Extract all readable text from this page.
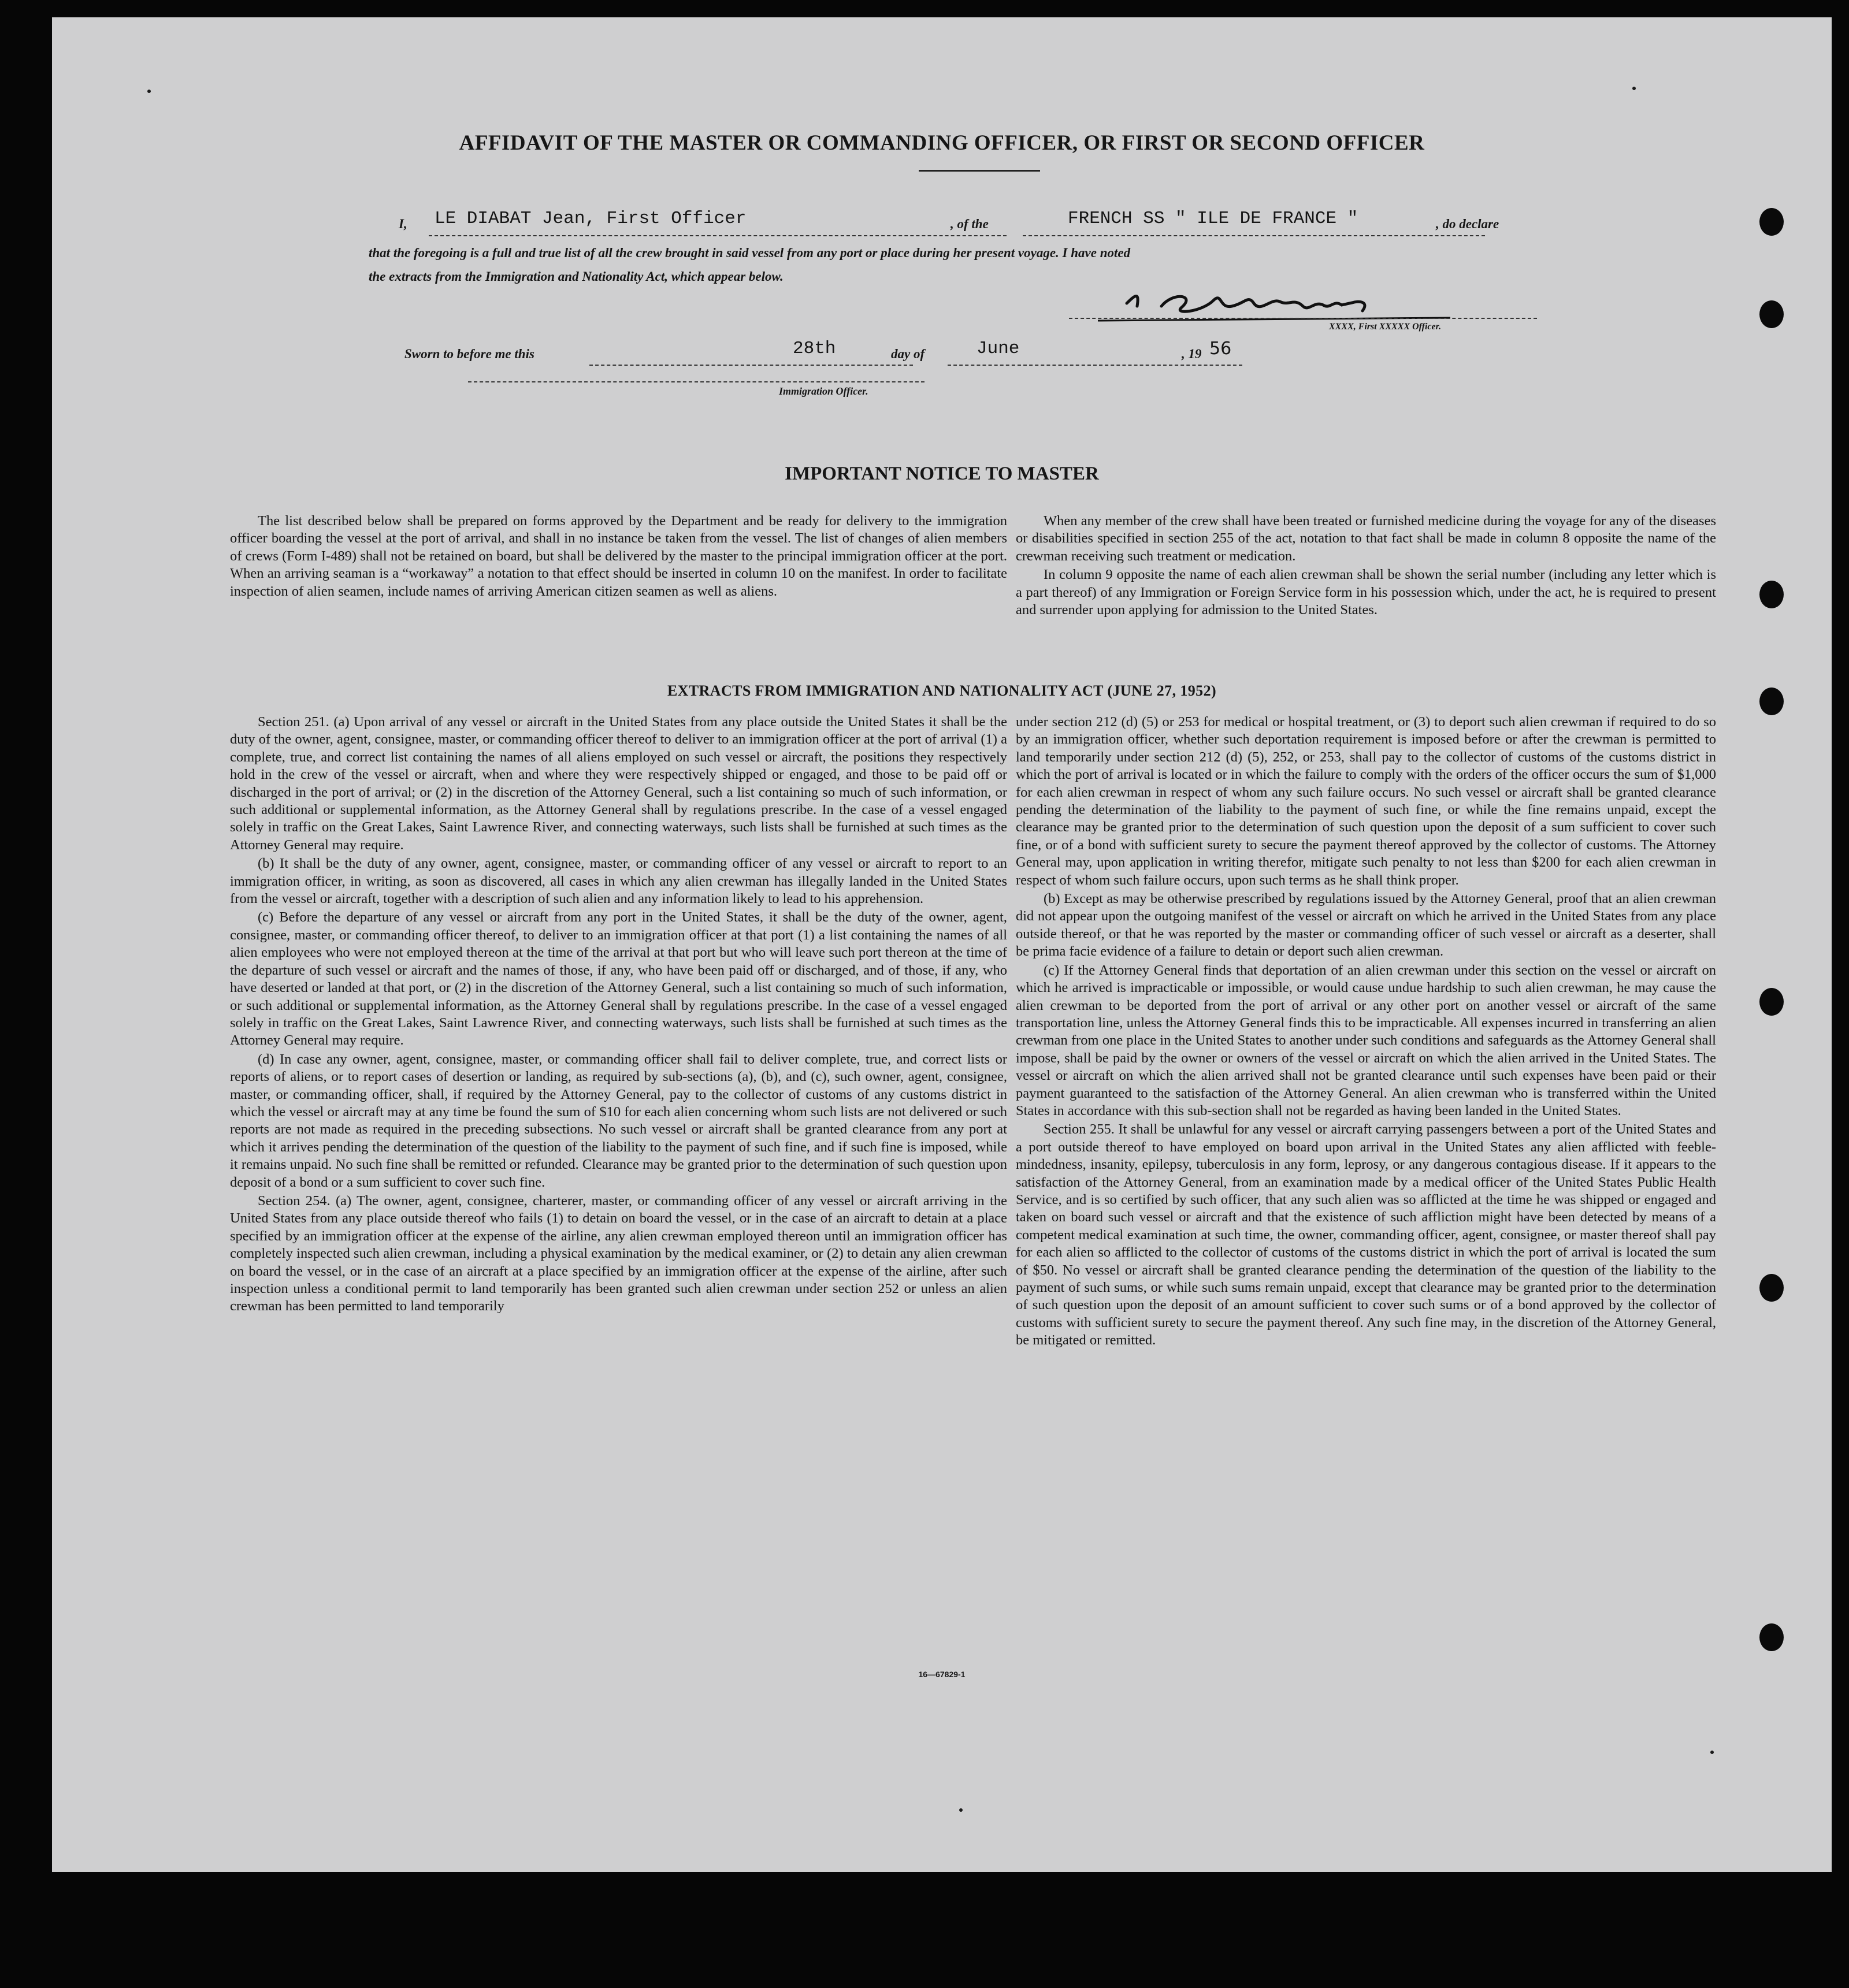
AFFIDAVIT OF THE MASTER OR COMMANDING OFFICER, OR FIRST OR SECOND OFFICER
I, LE DIABAT Jean, First Officer	, of the	FRENCH SS " ILE DE FRANCE "	, do declare
that the foregoing is a full and true list of all the crew brought in said vessel from any port or place during her present voyage. I have noted
the extracts from the Immigration and Nationality Act, which appear below.
XXXX, First XXXXX Officer.
Sworn to before me this	28th	day of	June	, 19 56
Immigration Officer.
IMPORTANT NOTICE TO MASTER

The list described below shall be prepared on forms approved by the Department and be ready for delivery to the immigration officer boarding the vessel at the port of arrival, and shall in no instance be taken from the vessel. The list of changes of alien members of crews (Form I-489) shall not be retained on board, but shall be delivered by the master to the principal immigration officer at the port. When an arriving seaman is a “workaway” a notation to that effect should be inserted in column 10 on the manifest. In order to facilitate inspection of alien seamen, include names of arriving American citizen seamen as well as aliens.

When any member of the crew shall have been treated or furnished medicine during the voyage for any of the diseases or disabilities specified in section 255 of the act, notation to that fact shall be made in column 8 opposite the name of the crewman receiving such treatment or medication.

In column 9 opposite the name of each alien crewman shall be shown the serial number (including any letter which is a part thereof) of any Immigration or Foreign Service form in his possession which, under the act, he is required to present and surrender upon applying for admission to the United States.

EXTRACTS FROM IMMIGRATION AND NATIONALITY ACT (JUNE 27, 1952)

Section 251. (a) Upon arrival of any vessel or aircraft in the United States from any place outside the United States it shall be the duty of the owner, agent, consignee, master, or commanding officer thereof to deliver to an immigration officer at the port of arrival (1) a complete, true, and correct list containing the names of all aliens employed on such vessel or aircraft, the positions they respectively hold in the crew of the vessel or aircraft, when and where they were respectively shipped or engaged, and those to be paid off or discharged in the port of arrival; or (2) in the discretion of the Attorney General, such a list containing so much of such information, or such additional or supplemental information, as the Attorney General shall by regulations prescribe. In the case of a vessel engaged solely in traffic on the Great Lakes, Saint Lawrence River, and connecting waterways, such lists shall be furnished at such times as the Attorney General may require.

(b) It shall be the duty of any owner, agent, consignee, master, or commanding officer of any vessel or aircraft to report to an immigration officer, in writing, as soon as discovered, all cases in which any alien crewman has illegally landed in the United States from the vessel or aircraft, together with a description of such alien and any information likely to lead to his apprehension.

(c) Before the departure of any vessel or aircraft from any port in the United States, it shall be the duty of the owner, agent, consignee, master, or commanding officer thereof, to deliver to an immigration officer at that port (1) a list containing the names of all alien employees who were not employed thereon at the time of the arrival at that port but who will leave such port thereon at the time of the departure of such vessel or aircraft and the names of those, if any, who have been paid off or discharged, and of those, if any, who have deserted or landed at that port, or (2) in the discretion of the Attorney General, such a list containing so much of such information, or such additional or supplemental information, as the Attorney General shall by regulations prescribe. In the case of a vessel engaged solely in traffic on the Great Lakes, Saint Lawrence River, and connecting waterways, such lists shall be furnished at such times as the Attorney General may require.

(d) In case any owner, agent, consignee, master, or commanding officer shall fail to deliver complete, true, and correct lists or reports of aliens, or to report cases of desertion or landing, as required by sub-sections (a), (b), and (c), such owner, agent, consignee, master, or commanding officer, shall, if required by the Attorney General, pay to the collector of customs of any customs district in which the vessel or aircraft may at any time be found the sum of $10 for each alien concerning whom such lists are not delivered or such reports are not made as required in the preceding subsections. No such vessel or aircraft shall be granted clearance from any port at which it arrives pending the determination of the question of the liability to the payment of such fine, and if such fine is imposed, while it remains unpaid. No such fine shall be remitted or refunded. Clearance may be granted prior to the determination of such question upon deposit of a bond or a sum sufficient to cover such fine.

Section 254. (a) The owner, agent, consignee, charterer, master, or commanding officer of any vessel or aircraft arriving in the United States from any place outside thereof who fails (1) to detain on board the vessel, or in the case of an aircraft to detain at a place specified by an immigration officer at the expense of the airline, any alien crewman employed thereon until an immigration officer has completely inspected such alien crewman, including a physical examination by the medical examiner, or (2) to detain any alien crewman on board the vessel, or in the case of an aircraft at a place specified by an immigration officer at the expense of the airline, after such inspection unless a conditional permit to land temporarily has been granted such alien crewman under section 252 or unless an alien crewman has been permitted to land temporarily

under section 212 (d) (5) or 253 for medical or hospital treatment, or (3) to deport such alien crewman if required to do so by an immigration officer, whether such deportation requirement is imposed before or after the crewman is permitted to land temporarily under section 212 (d) (5), 252, or 253, shall pay to the collector of customs of the customs district in which the port of arrival is located or in which the failure to comply with the orders of the officer occurs the sum of $1,000 for each alien crewman in respect of whom any such failure occurs. No such vessel or aircraft shall be granted clearance pending the determination of the liability to the payment of such fine, or while the fine remains unpaid, except the clearance may be granted prior to the determination of such question upon the deposit of a sum sufficient to cover such fine, or of a bond with sufficient surety to secure the payment thereof approved by the collector of customs. The Attorney General may, upon application in writing therefor, mitigate such penalty to not less than $200 for each alien crewman in respect of whom such failure occurs, upon such terms as he shall think proper.

(b) Except as may be otherwise prescribed by regulations issued by the Attorney General, proof that an alien crewman did not appear upon the outgoing manifest of the vessel or aircraft on which he arrived in the United States from any place outside thereof, or that he was reported by the master or commanding officer of such vessel or aircraft as a deserter, shall be prima facie evidence of a failure to detain or deport such alien crewman.

(c) If the Attorney General finds that deportation of an alien crewman under this section on the vessel or aircraft on which he arrived is impracticable or impossible, or would cause undue hardship to such alien crewman, he may cause the alien crewman to be deported from the port of arrival or any other port on another vessel or aircraft of the same transportation line, unless the Attorney General finds this to be impracticable. All expenses incurred in transferring an alien crewman from one place in the United States to another under such conditions and safeguards as the Attorney General shall impose, shall be paid by the owner or owners of the vessel or aircraft on which the alien arrived in the United States. The vessel or aircraft on which the alien arrived shall not be granted clearance until such expenses have been paid or their payment guaranteed to the satisfaction of the Attorney General. An alien crewman who is transferred within the United States in accordance with this sub-section shall not be regarded as having been landed in the United States.

Section 255. It shall be unlawful for any vessel or aircraft carrying passengers between a port of the United States and a port outside thereof to have employed on board upon arrival in the United States any alien afflicted with feeble-mindedness, insanity, epilepsy, tuberculosis in any form, leprosy, or any dangerous contagious disease. If it appears to the satisfaction of the Attorney General, from an examination made by a medical officer of the United States Public Health Service, and is so certified by such officer, that any such alien was so afflicted at the time he was shipped or engaged and taken on board such vessel or aircraft and that the existence of such affliction might have been detected by means of a competent medical examination at such time, the owner, commanding officer, agent, consignee, or master thereof shall pay for each alien so afflicted to the collector of customs of the customs district in which the port of arrival is located the sum of $50. No vessel or aircraft shall be granted clearance pending the determination of the question of the liability to the payment of such sums, or while such sums remain unpaid, except that clearance may be granted prior to the determination of such question upon the deposit of an amount sufficient to cover such sums or of a bond approved by the collector of customs with sufficient surety to secure the payment thereof. Any such fine may, in the discretion of the Attorney General, be mitigated or remitted.

16—67829-1
